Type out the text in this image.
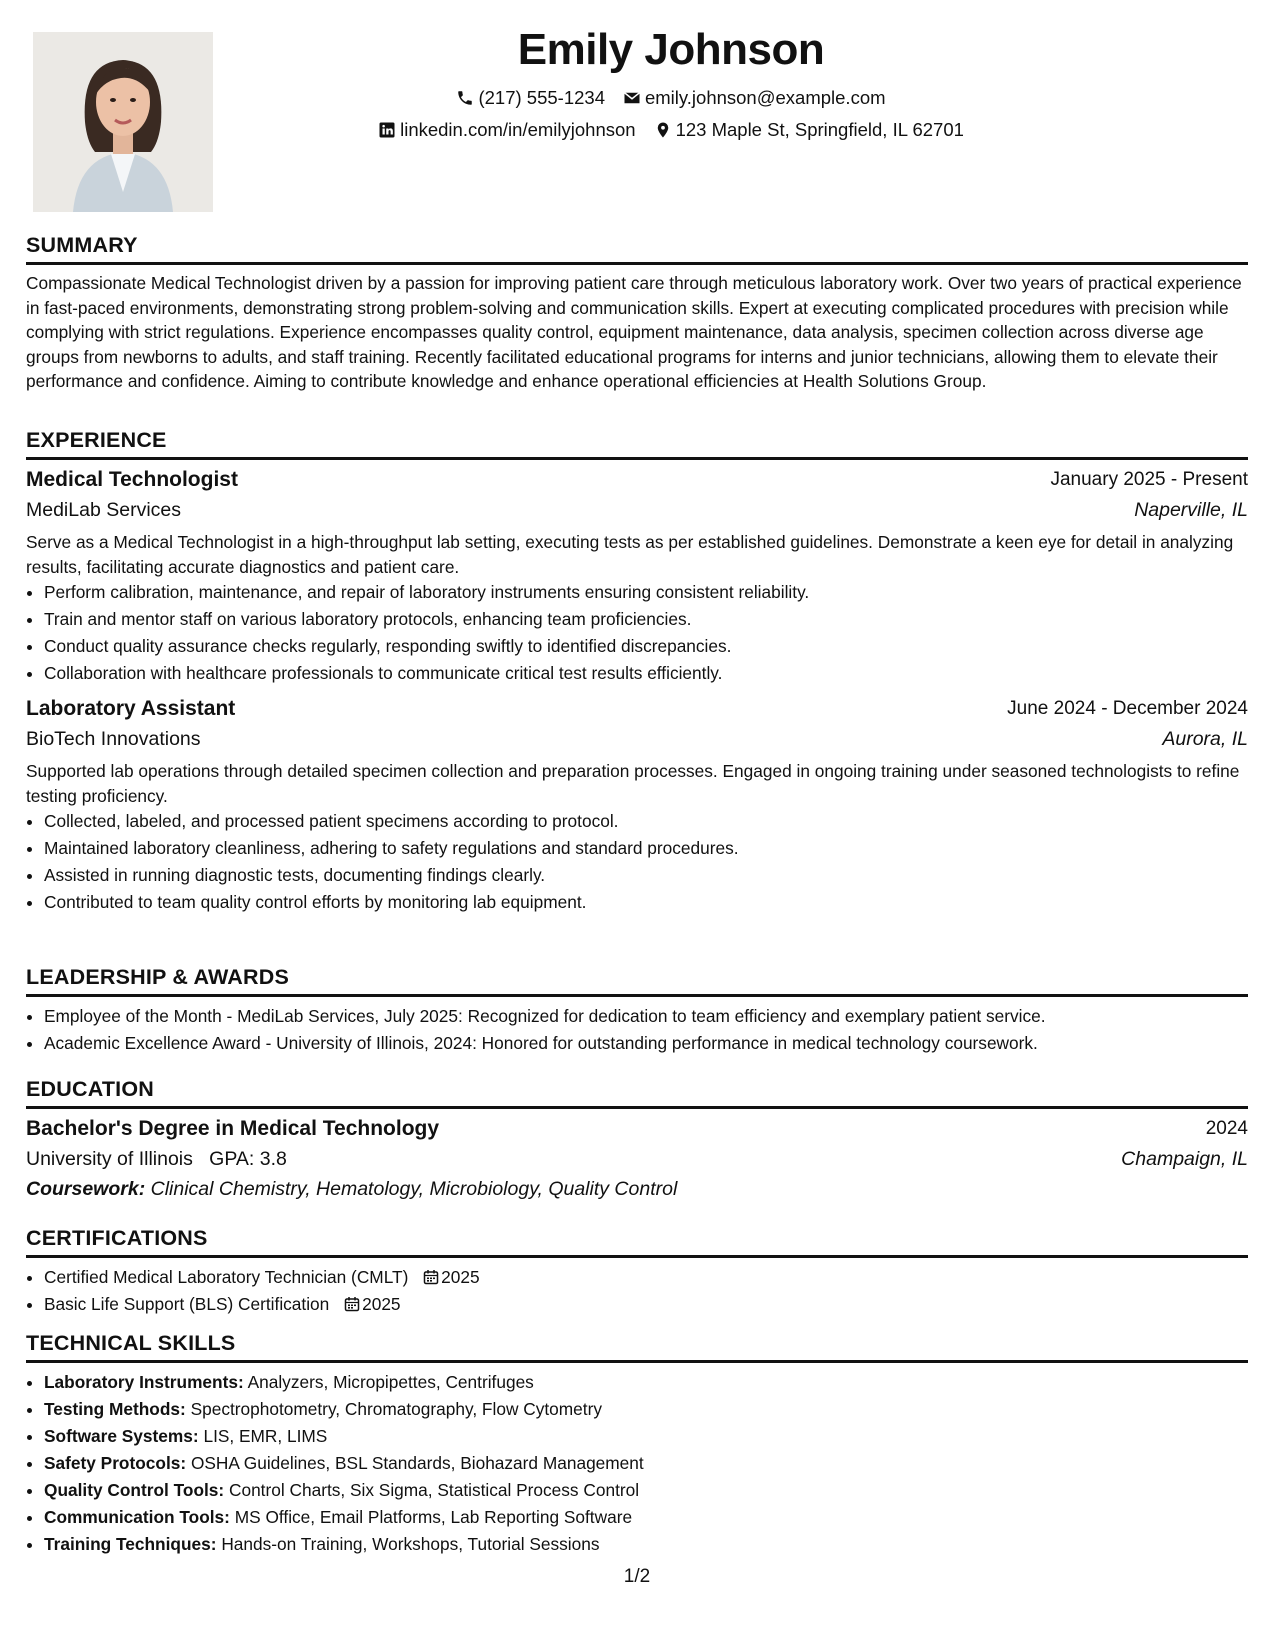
Emily Johnson
(217) 555-1234 emily.johnson@example.com
linkedin.com/in/emilyjohnson 123 Maple St, Springfield, IL 62701
SUMMARY
Compassionate Medical Technologist driven by a passion for improving patient care through meticulous laboratory work. Over two years of practical experience in fast-paced environments, demonstrating strong problem-solving and communication skills. Expert at executing complicated procedures with precision while complying with strict regulations. Experience encompasses quality control, equipment maintenance, data analysis, specimen collection across diverse age groups from newborns to adults, and staff training. Recently facilitated educational programs for interns and junior technicians, allowing them to elevate their performance and confidence. Aiming to contribute knowledge and enhance operational efficiencies at Health Solutions Group.
EXPERIENCE
Medical Technologist	January 2025 - Present
MediLab Services	Naperville, IL
Serve as a Medical Technologist in a high-throughput lab setting, executing tests as per established guidelines. Demonstrate a keen eye for detail in analyzing results, facilitating accurate diagnostics and patient care.
• Perform calibration, maintenance, and repair of laboratory instruments ensuring consistent reliability.
• Train and mentor staff on various laboratory protocols, enhancing team proficiencies.
• Conduct quality assurance checks regularly, responding swiftly to identified discrepancies.
• Collaboration with healthcare professionals to communicate critical test results efficiently.
Laboratory Assistant	June 2024 - December 2024
BioTech Innovations	Aurora, IL
Supported lab operations through detailed specimen collection and preparation processes. Engaged in ongoing training under seasoned technologists to refine testing proficiency.
• Collected, labeled, and processed patient specimens according to protocol.
• Maintained laboratory cleanliness, adhering to safety regulations and standard procedures.
• Assisted in running diagnostic tests, documenting findings clearly.
• Contributed to team quality control efforts by monitoring lab equipment.
LEADERSHIP & AWARDS
• Employee of the Month - MediLab Services, July 2025: Recognized for dedication to team efficiency and exemplary patient service.
• Academic Excellence Award - University of Illinois, 2024: Honored for outstanding performance in medical technology coursework.
EDUCATION
Bachelor's Degree in Medical Technology	2024
University of Illinois GPA: 3.8	Champaign, IL
Coursework: Clinical Chemistry, Hematology, Microbiology, Quality Control
CERTIFICATIONS
• Certified Medical Laboratory Technician (CMLT) 2025
• Basic Life Support (BLS) Certification 2025
TECHNICAL SKILLS
• Laboratory Instruments: Analyzers, Micropipettes, Centrifuges
• Testing Methods: Spectrophotometry, Chromatography, Flow Cytometry
• Software Systems: LIS, EMR, LIMS
• Safety Protocols: OSHA Guidelines, BSL Standards, Biohazard Management
• Quality Control Tools: Control Charts, Six Sigma, Statistical Process Control
• Communication Tools: MS Office, Email Platforms, Lab Reporting Software
• Training Techniques: Hands-on Training, Workshops, Tutorial Sessions
1/2
